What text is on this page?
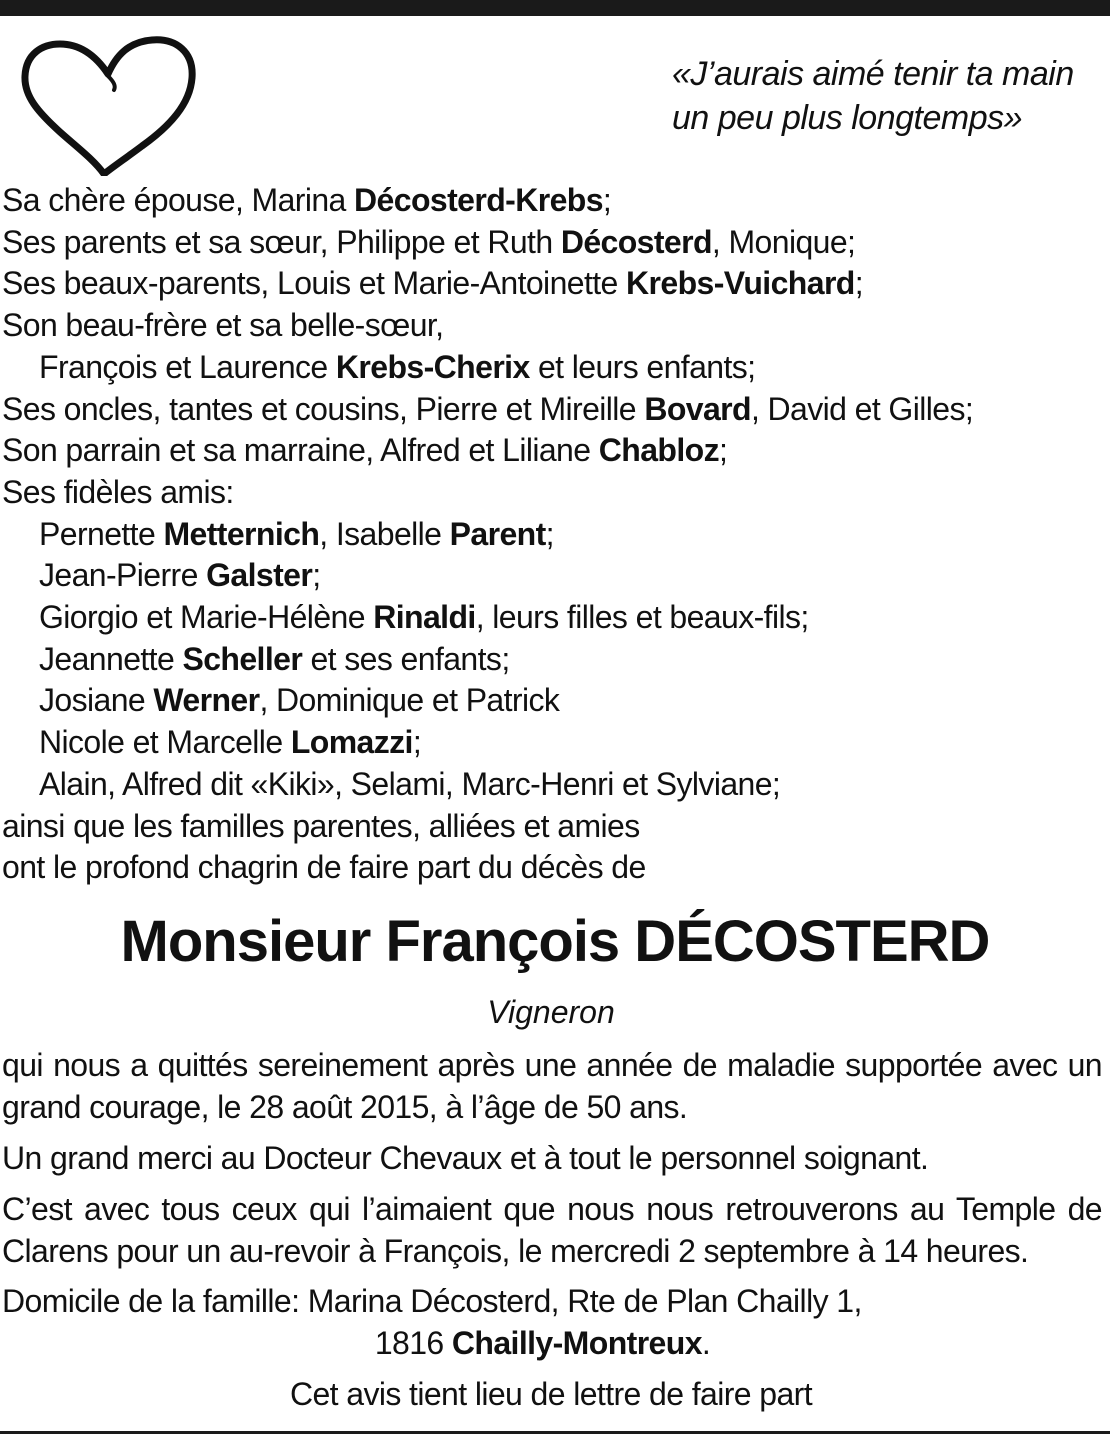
«J’aurais aimé tenir ta main
un peu plus longtemps»
Sa chère épouse, Marina Décosterd-Krebs;
Ses parents et sa sœur, Philippe et Ruth Décosterd, Monique;
Ses beaux-parents, Louis et Marie-Antoinette Krebs-Vuichard;
Son beau-frère et sa belle-sœur,
François et Laurence Krebs-Cherix et leurs enfants;
Ses oncles, tantes et cousins, Pierre et Mireille Bovard, David et Gilles;
Son parrain et sa marraine, Alfred et Liliane Chabloz;
Ses fidèles amis:
Pernette Metternich, Isabelle Parent;
Jean-Pierre Galster;
Giorgio et Marie-Hélène Rinaldi, leurs filles et beaux-fils;
Jeannette Scheller et ses enfants;
Josiane Werner, Dominique et Patrick
Nicole et Marcelle Lomazzi;
Alain, Alfred dit «Kiki», Selami, Marc-Henri et Sylviane;
ainsi que les familles parentes, alliées et amies
ont le profond chagrin de faire part du décès de
Monsieur François DÉCOSTERD
Vigneron
qui nous a quittés sereinement après une année de maladie supportée avec un grand courage, le 28 août 2015, à l’âge de 50 ans.
Un grand merci au Docteur Chevaux et à tout le personnel soignant.
C’est avec tous ceux qui l’aimaient que nous nous retrouverons au Temple de Clarens pour un au-revoir à François, le mercredi 2 septembre à 14 heures.
Domicile de la famille: Marina Décosterd, Rte de Plan Chailly 1,
1816 Chailly-Montreux.
Cet avis tient lieu de lettre de faire part
